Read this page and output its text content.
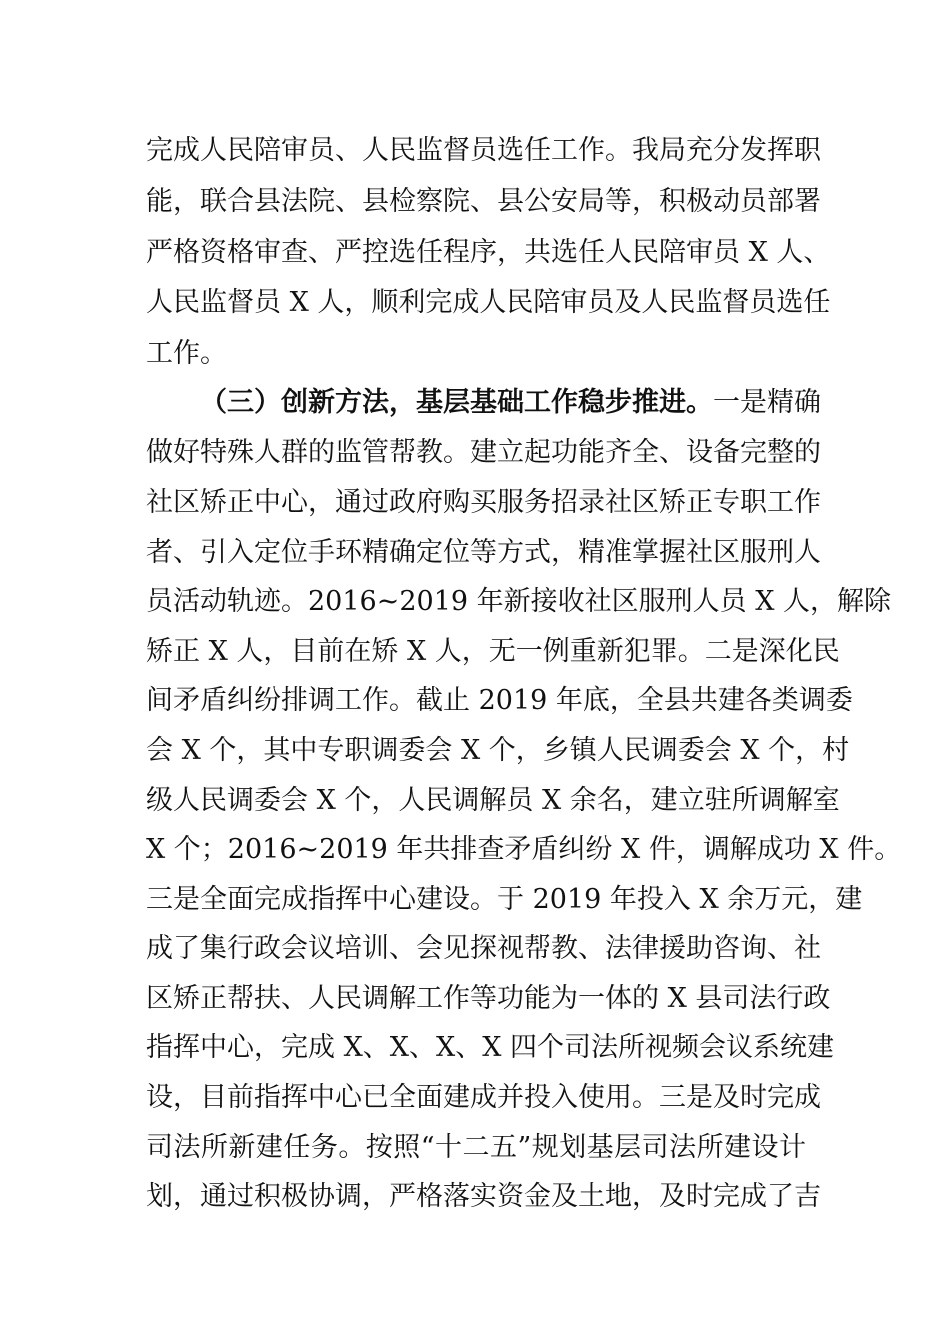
完成人民陪审员、人民监督员选任工作。我局充分发挥职
能，联合县法院、县检察院、县公安局等，积极动员部署
严格资格审查、严控选任程序，共选任人民陪审员 X 人、
人民监督员 X 人，顺利完成人民陪审员及人民监督员选任
工作。
（三）创新方法，基层基础工作稳步推进。一是精确
做好特殊人群的监管帮教。建立起功能齐全、设备完整的
社区矫正中心，通过政府购买服务招录社区矫正专职工作
者、引入定位手环精确定位等方式，精准掌握社区服刑人
员活动轨迹。2016~2019 年新接收社区服刑人员 X 人，解除
矫正 X 人，目前在矫 X 人，无一例重新犯罪。二是深化民
间矛盾纠纷排调工作。截止 2019 年底，全县共建各类调委
会 X 个，其中专职调委会 X 个，乡镇人民调委会 X 个，村
级人民调委会 X 个，人民调解员 X 余名，建立驻所调解室
X 个；2016~2019 年共排查矛盾纠纷 X 件，调解成功 X 件。
三是全面完成指挥中心建设。于 2019 年投入 X 余万元，建
成了集行政会议培训、会见探视帮教、法律援助咨询、社
区矫正帮扶、人民调解工作等功能为一体的 X 县司法行政
指挥中心，完成 X、X、X、X 四个司法所视频会议系统建
设，目前指挥中心已全面建成并投入使用。三是及时完成
司法所新建任务。按照“十二五”规划基层司法所建设计
划，通过积极协调，严格落实资金及土地，及时完成了吉
